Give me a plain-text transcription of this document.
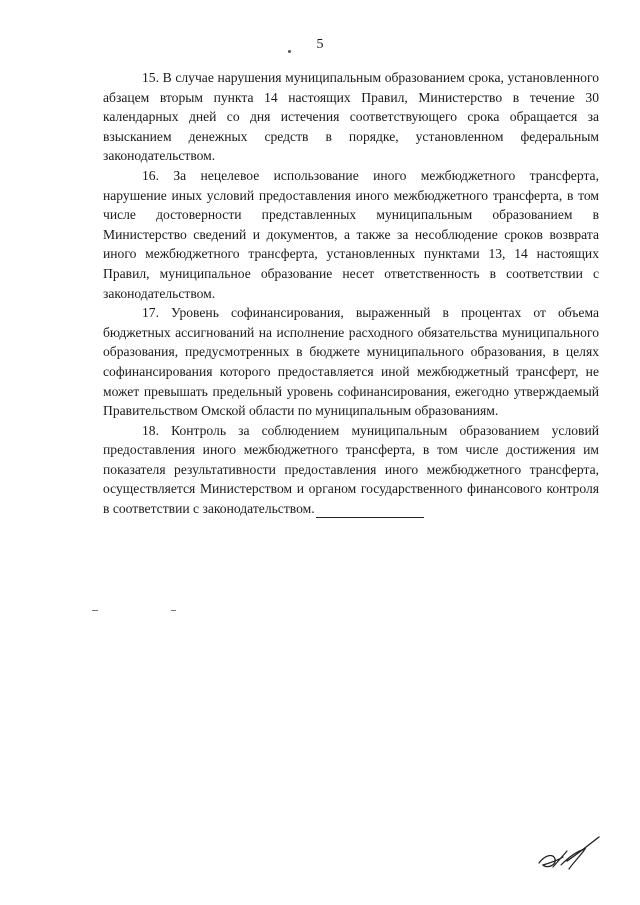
5

15. В случае нарушения муниципальным образованием срока, установленного абзацем вторым пункта 14 настоящих Правил, Министерство в течение 30 календарных дней со дня истечения соответствующего срока обращается за взысканием денежных средств в порядке, установленном федеральным законодательством.

16. За нецелевое использование иного межбюджетного трансферта, нарушение иных условий предоставления иного межбюджетного трансферта, в том числе достоверности представленных муниципальным образованием в Министерство сведений и документов, а также за несоблюдение сроков возврата иного межбюджетного трансферта, установленных пунктами 13, 14 настоящих Правил, муниципальное образование несет ответственность в соответствии с законодательством.

17. Уровень софинансирования, выраженный в процентах от объема бюджетных ассигнований на исполнение расходного обязательства муниципального образования, предусмотренных в бюджете муниципального образования, в целях софинансирования которого предоставляется иной межбюджетный трансферт, не может превышать предельный уровень софинансирования, ежегодно утверждаемый Правительством Омской области по муниципальным образованиям.

18. Контроль за соблюдением муниципальным образованием условий предоставления иного межбюджетного трансферта, в том числе достижения им показателя результативности предоставления иного межбюджетного трансферта, осуществляется Министерством и органом государственного финансового контроля в соответствии с законодательством.
